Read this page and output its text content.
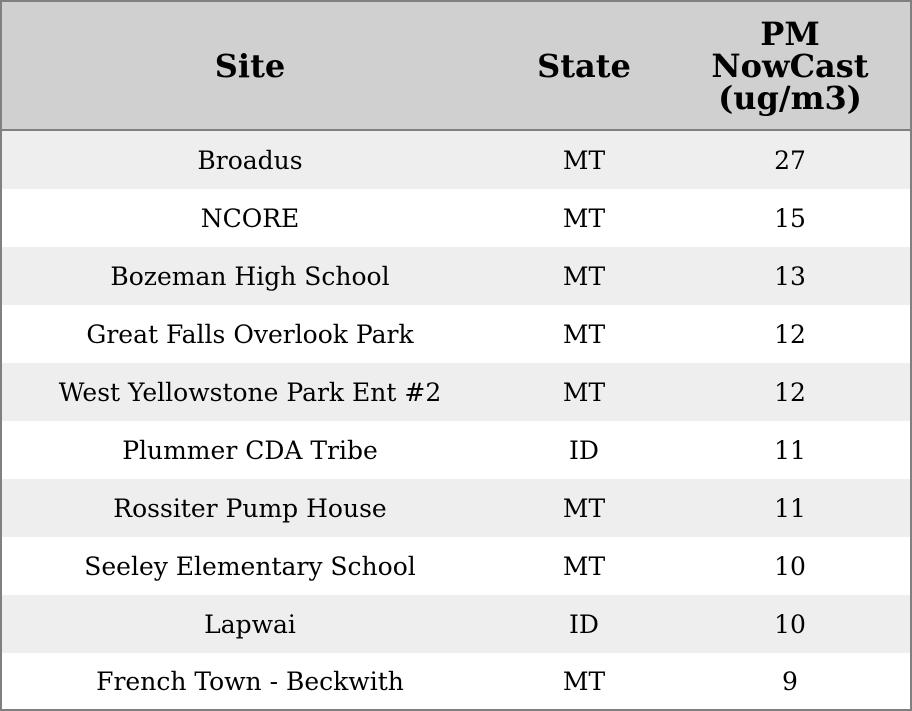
Site	State	PM
NowCast
(ug/m3)

Broadus	MT	27
NCORE	MT	15
Bozeman High School	MT	13
Great Falls Overlook Park	MT	12
West Yellowstone Park Ent #2	MT	12
Plummer CDA Tribe	ID	11
Rossiter Pump House	MT	11
Seeley Elementary School	MT	10
Lapwai	ID	10
French Town - Beckwith	MT	9
